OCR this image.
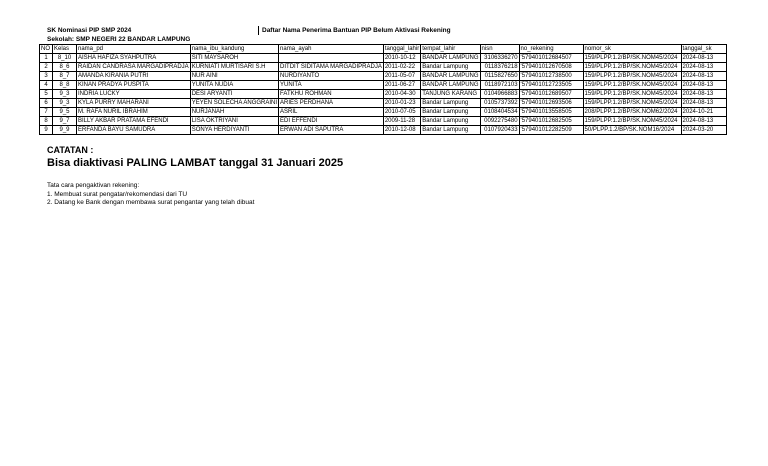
SK Nominasi PIP SMP 2024	Daftar Nama Penerima Bantuan PIP Belum Aktivasi Rekening
Sekolah: SMP NEGERI 22 BANDAR LAMPUNG
NO	Kelas	nama_pd	nama_ibu_kandung	nama_ayah	tanggal_lahir	tempat_lahir	nisn	no_rekening	nomor_sk	tanggal_sk
1	8_10	AISHA HAFIZA SYAHPUTRA	SITI MAYSAROH		2010-10-12	BANDAR LAMPUNG	3106336270	'579401012684507	159/PLPP.1.2/BP/SK.NOM45/2024	2024-08-13
2	8_6	RAIDAN CANDRASA MARGADIPRADJA	KURNIATI MURTISARI S.H	DITDIT SIDITAMA MARGADIPRADJA	2011-02-22	Bandar Lampung	0118376218	'579401012670508	159/PLPP.1.2/BP/SK.NOM45/2024	2024-08-13
3	8_7	AMANDA KIRANIA PUTRI	NUR AINI	NURDIYANTO	2011-05-07	BANDAR LAMPUNG	0115827650	'579401012738500	159/PLPP.1.2/BP/SK.NOM45/2024	2024-08-13
4	8_8	KINAN PRADYA PUSPITA	YUNITA NUDIA	YUNITA	2011-06-27	BANDAR LAMPUNG	0118972103	'579401012723505	159/PLPP.1.2/BP/SK.NOM45/2024	2024-08-13
5	9_3	INDRIA LUCKY	DESI ARYANTI	FATKHU ROHMAN	2010-04-30	TANJUNG KARANG	0104966883	'579401012689507	159/PLPP.1.2/BP/SK.NOM45/2024	2024-08-13
6	9_3	KYLA PURRY MAHARANI	YEYEN SOLECHA ANGGRAINI	ARIES PERDHANA	2010-01-23	Bandar Lampung	0105737392	'579401012693506	159/PLPP.1.2/BP/SK.NOM45/2024	2024-08-13
7	9_5	M. RAFA NURIL IBRAHIM	NURJANAH	ASRIL	2010-07-05	Bandar Lampung	0108404534	'579401013558505	208/PLPP.1.2/BP/SK.NOM62/2024	2024-10-21
8	9_7	BILLY AKBAR PRATAMA EFENDI	LISA OKTRIYANI	EDI EFFENDI	2009-11-28	Bandar Lampung	0092275480	'579401012682505	159/PLPP.1.2/BP/SK.NOM45/2024	2024-08-13
9	9_9	ERFANDA BAYU SAMUDRA	SONYA HERDIYANTI	ERWAN ADI SAPUTRA	2010-12-08	Bandar Lampung	0107920433	'579401012282509	50/PLPP.1.2/BP/SK.NOM16/2024	2024-03-20
CATATAN :
Bisa diaktivasi PALING LAMBAT tanggal 31 Januari 2025
Tata cara pengaktivan rekening:
1. Membuat surat pengatar/rekomendasi dari TU
2. Datang ke Bank dengan membawa surat pengantar yang telah dibuat
